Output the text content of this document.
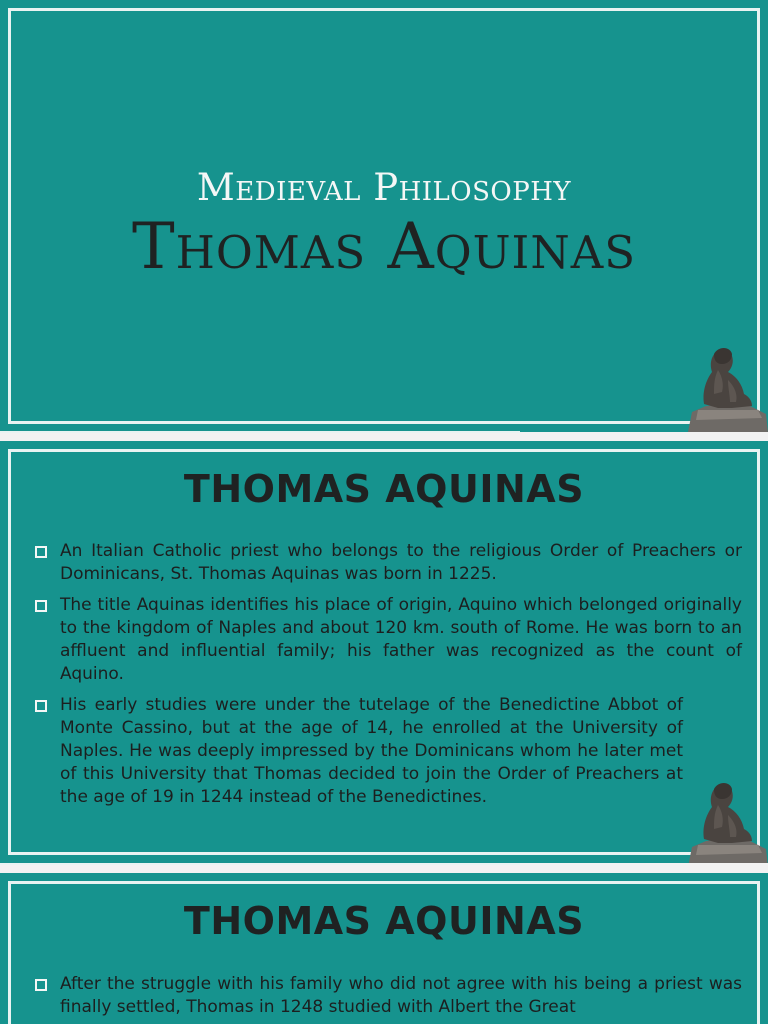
Medieval Philosophy
Thomas Aquinas
THOMAS AQUINAS
An Italian Catholic priest who belongs to the religious Order of Preachers or Dominicans, St. Thomas Aquinas was born in 1225.
The title Aquinas identifies his place of origin, Aquino which belonged originally to the kingdom of Naples and about 120 km. south of Rome. He was born to an affluent and influential family; his father was recognized as the count of Aquino.
His early studies were under the tutelage of the Benedictine Abbot of Monte Cassino, but at the age of 14, he enrolled at the University of Naples. He was deeply impressed by the Dominicans whom he later met of this University that Thomas decided to join the Order of Preachers at the age of 19 in 1244 instead of the Benedictines.
THOMAS AQUINAS
After the struggle with his family who did not agree with his being a priest was finally settled, Thomas in 1248 studied with Albert the Great
